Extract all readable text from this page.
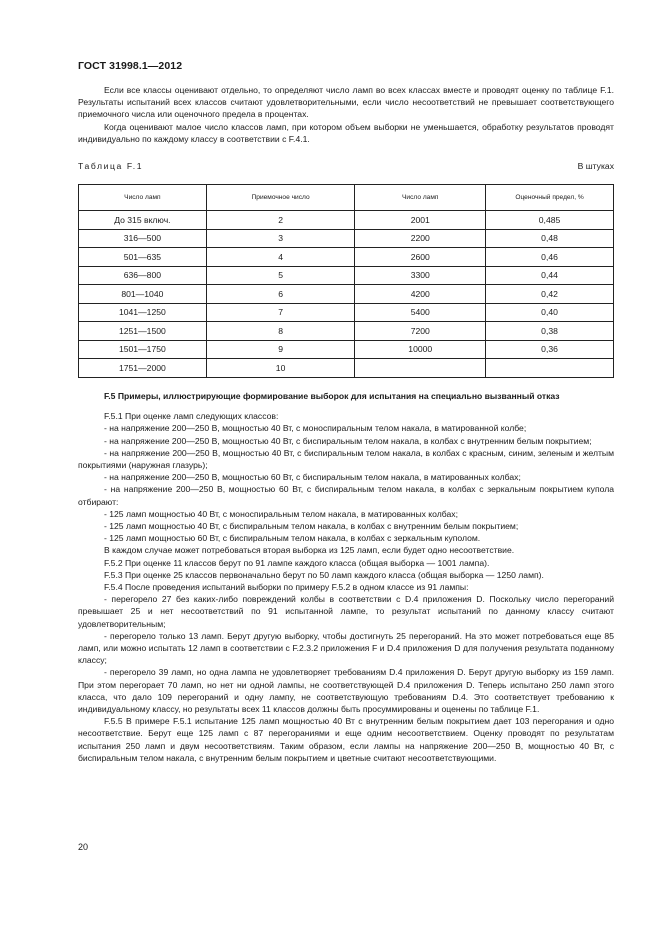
ГОСТ 31998.1—2012

Если все классы оценивают отдельно, то определяют число ламп во всех классах вместе и проводят оценку по таблице F.1. Результаты испытаний всех классов считают удовлетворительными, если число несоответствий не превышает соответствующего приемочного числа или оценочного предела в процентах.

Когда оценивают малое число классов ламп, при котором объем выборки не уменьшается, обработку результатов проводят индивидуально по каждому классу в соответствии с F.4.1.

Таблица F.1	В штуках
Число ламп	Приемочное число	Число ламп	Оценочный предел, %
До 315 включ.	2	2001	0,485
316—500	3	2200	0,48
501—635	4	2600	0,46
636—800	5	3300	0,44
801—1040	6	4200	0,42
1041—1250	7	5400	0,40
1251—1500	8	7200	0,38
1501—1750	9	10000	0,36
1751—2000	10		

F.5 Примеры, иллюстрирующие формирование выборок для испытания на специально вызванный отказ

F.5.1 При оценке ламп следующих классов:

- на напряжение 200—250 В, мощностью 40 Вт, с моноспиральным телом накала, в матированной колбе;

- на напряжение 200—250 В, мощностью 40 Вт, с биспиральным телом накала, в колбах с внутренним белым покрытием;

- на напряжение 200—250 В, мощностью 40 Вт, с биспиральным телом накала, в колбах с красным, синим, зеленым и желтым покрытиями (наружная глазурь);

- на напряжение 200—250 В, мощностью 60 Вт, с биспиральным телом накала, в матированных колбах;

- на напряжение 200—250 В, мощностью 60 Вт, с биспиральным телом накала, в колбах с зеркальным покрытием купола отбирают:

- 125 ламп мощностью 40 Вт, с моноспиральным телом накала, в матированных колбах;

- 125 ламп мощностью 40 Вт, с биспиральным телом накала, в колбах с внутренним белым покрытием;

- 125 ламп мощностью 60 Вт, с биспиральным телом накала, в колбах с зеркальным куполом.

В каждом случае может потребоваться вторая выборка из 125 ламп, если будет одно несоответствие.

F.5.2 При оценке 11 классов берут по 91 лампе каждого класса (общая выборка — 1001 лампа).

F.5.3 При оценке 25 классов первоначально берут по 50 ламп каждого класса (общая выборка — 1250 ламп).

F.5.4 После проведения испытаний выборки по примеру F.5.2 в одном классе из 91 лампы:

- перегорело 27 без каких-либо повреждений колбы в соответствии с D.4 приложения D. Поскольку число перегораний превышает 25 и нет несоответствий по 91 испытанной лампе, то результат испытаний по данному классу считают удовлетворительным;

- перегорело только 13 ламп. Берут другую выборку, чтобы достигнуть 25 перегораний. На это может потребоваться еще 85 ламп, или можно испытать 12 ламп в соответствии с F.2.3.2 приложения F и D.4 приложения D для получения результата поданному классу;

- перегорело 39 ламп, но одна лампа не удовлетворяет требованиям D.4 приложения D. Берут другую выборку из 159 ламп. При этом перегорает 70 ламп, но нет ни одной лампы, не соответствующей D.4 приложения D. Теперь испытано 250 ламп этого класса, что дало 109 перегораний и одну лампу, не соответствующую требованиям D.4. Это соответствует требованию к индивидуальному классу, но результаты всех 11 классов должны быть просуммированы и оценены по таблице F.1.

F.5.5 В примере F.5.1 испытание 125 ламп мощностью 40 Вт с внутренним белым покрытием дает 103 перегорания и одно несоответствие. Берут еще 125 ламп с 87 перегораниями и еще одним несоответствием. Оценку проводят по результатам испытания 250 ламп и двум несоответствиям. Таким образом, если лампы на напряжение 200—250 В, мощностью 40 Вт, с биспиральным телом накала, с внутренним белым покрытием и цветные считают несоответствующими.

20
